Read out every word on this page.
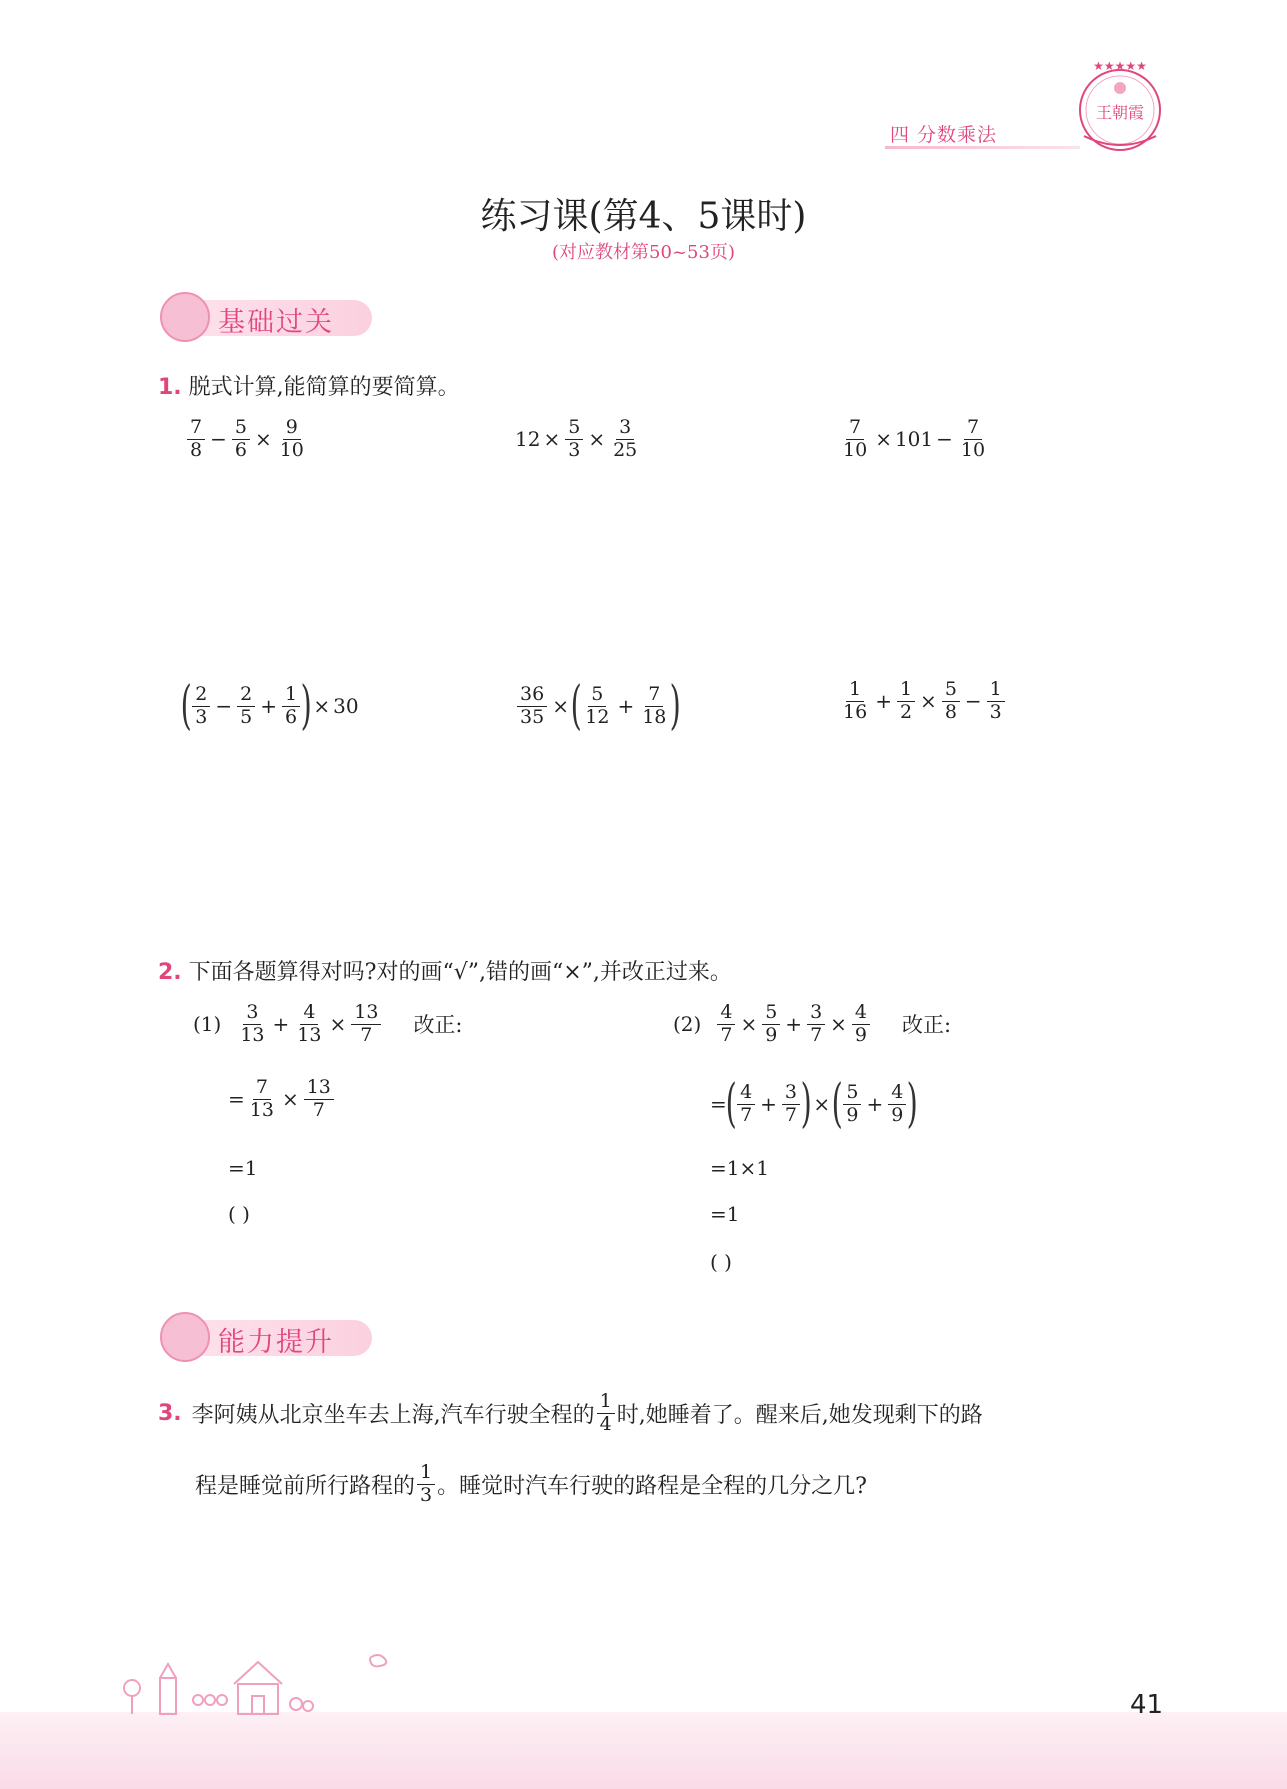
四 分数乘法
★★★★★
王朝霞
练习课(第4、5课时)
(对应教材第50~53页)
基础过关
1. 脱式计算,能简算的要简算。
$\frac{7}{8} - \frac{5}{6} \times \frac{9}{10}$	$12 \times \frac{5}{3} \times \frac{3}{25}$	$\frac{7}{10} \times 101 - \frac{7}{10}$
( $\frac{2}{3} - \frac{2}{5} + \frac{1}{6}$ ) × 30	$\frac{36}{35}$ × ( $\frac{5}{12} + \frac{7}{18}$ )	$\frac{1}{16} + \frac{1}{2} \times \frac{5}{8} - \frac{1}{3}$
2. 下面各题算得对吗?对的画“√”,错的画“×”,并改正过来。
$(1) \frac{3}{13} + \frac{4}{13} \times \frac{13}{7}$ 改正:
= $\frac{7}{13} \times \frac{13}{7}$
=1
( )
$(2) \frac{4}{7} \times \frac{5}{9} + \frac{3}{7} \times \frac{4}{9}$ 改正:
=
( $\frac{4}{7} + \frac{3}{7}$ ) × ( $\frac{5}{9} + \frac{4}{9}$ )
=1×1
=1
( )
能力提升
3. 李阿姨从北京坐车去上海,汽车行驶全程的 $\frac{1}{4}$ 时,她睡着了。醒来后,她发现剩下的路
程是睡觉前所行路程的 $\frac{1}{3}$ 。睡觉时汽车行驶的路程是全程的几分之几?
41
